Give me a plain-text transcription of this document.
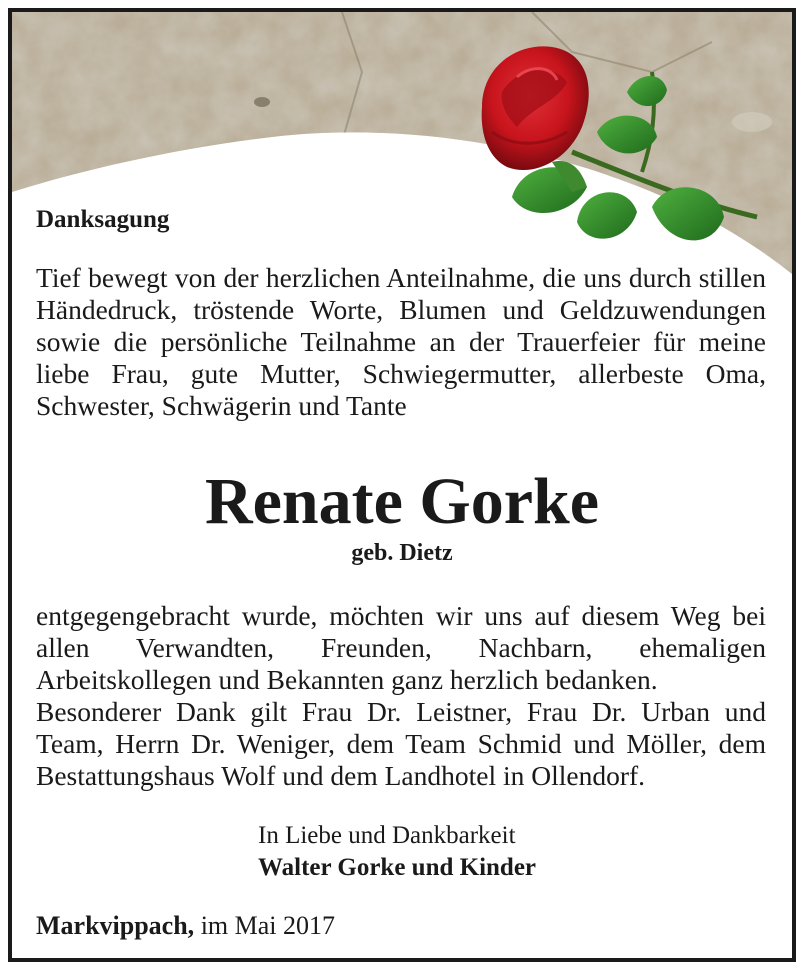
Danksagung

Tief bewegt von der herzlichen Anteilnahme, die uns durch stillen Händedruck, tröstende Worte, Blumen und Geldzuwendungen sowie die persönliche Teilnahme an der Trauerfeier für meine liebe Frau, gute Mutter, Schwiegermutter, allerbeste Oma, Schwester, Schwägerin und Tante

Renate Gorke
geb. Dietz

entgegengebracht wurde, möchten wir uns auf diesem Weg bei allen Verwandten, Freunden, Nachbarn, ehemaligen Arbeitskollegen und Bekannten ganz herzlich bedanken.

Besonderer Dank gilt Frau Dr. Leistner, Frau Dr. Urban und Team, Herrn Dr. Weniger, dem Team Schmid und Möller, dem Bestattungshaus Wolf und dem Landhotel in Ollendorf.

In Liebe und Dankbarkeit
Walter Gorke und Kinder
Markvippach, im Mai 2017
